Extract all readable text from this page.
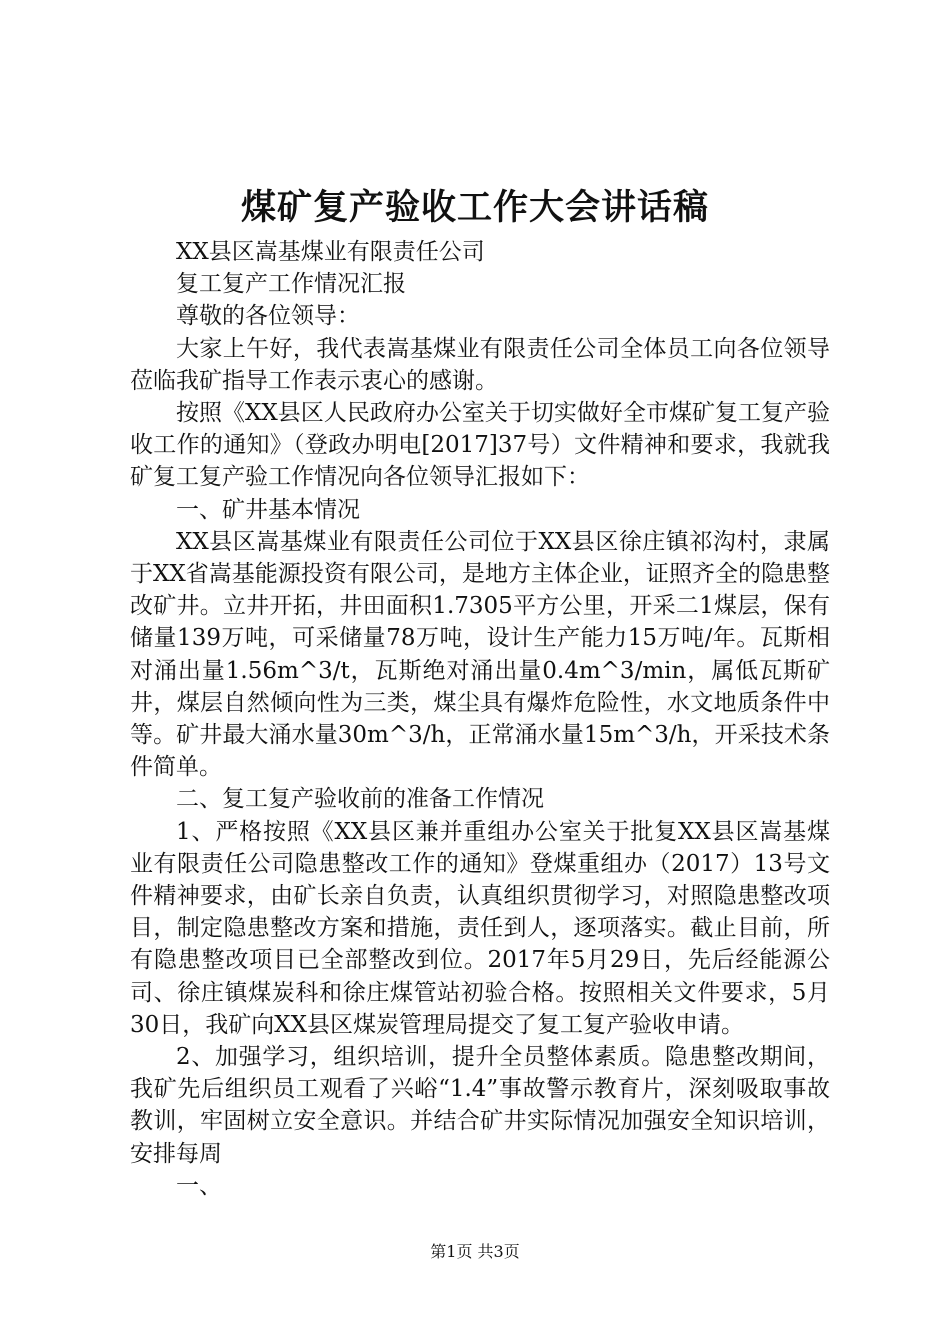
煤矿复产验收工作大会讲话稿

XX县区嵩基煤业有限责任公司

复工复产工作情况汇报

尊敬的各位领导：

大家上午好，我代表嵩基煤业有限责任公司全体员工向各位领导莅临我矿指导工作表示衷心的感谢。

按照《XX县区人民政府办公室关于切实做好全市煤矿复工复产验收工作的通知》（登政办明电[2017]37号）文件精神和要求，我就我矿复工复产验工作情况向各位领导汇报如下：

一、矿井基本情况

XX县区嵩基煤业有限责任公司位于XX县区徐庄镇祁沟村，隶属于XX省嵩基能源投资有限公司，是地方主体企业，证照齐全的隐患整改矿井。立井开拓，井田面积1.7305平方公里，开采二1煤层，保有储量139万吨，可采储量78万吨，设计生产能力15万吨/年。瓦斯相对涌出量1.56m^3/t，瓦斯绝对涌出量0.4m^3/min，属低瓦斯矿井，煤层自然倾向性为三类，煤尘具有爆炸危险性，水文地质条件中等。矿井最大涌水量30m^3/h，正常涌水量15m^3/h，开采技术条件简单。

二、复工复产验收前的准备工作情况

1、严格按照《XX县区兼并重组办公室关于批复XX县区嵩基煤业有限责任公司隐患整改工作的通知》登煤重组办（2017）13号文件精神要求，由矿长亲自负责，认真组织贯彻学习，对照隐患整改项目，制定隐患整改方案和措施，责任到人，逐项落实。截止目前，所有隐患整改项目已全部整改到位。2017年5月29日，先后经能源公司、徐庄镇煤炭科和徐庄煤管站初验合格。按照相关文件要求，5月30日，我矿向XX县区煤炭管理局提交了复工复产验收申请。

2、加强学习，组织培训，提升全员整体素质。隐患整改期间，我矿先后组织员工观看了兴峪“1.4”事故警示教育片，深刻吸取事故教训，牢固树立安全意识。并结合矿井实际情况加强安全知识培训，安排每周

一、

第1页 共3页
